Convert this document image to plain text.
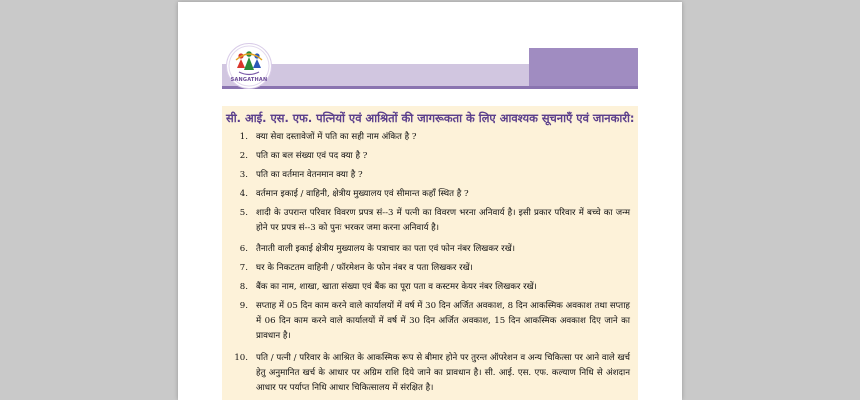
SANGATHAN
सी. आई. एस. एफ. पत्नियों एवं आश्रितों की जागरूकता के लिए आवश्यक सूचनाएँ एवं जानकारी:
1. क्या सेवा दस्तावेजों में पति का सही नाम अंकित है ?
2. पति का बल संख्या एवं पद क्या है ?
3. पति का वर्तमान वेतनमान क्या है ?
4. वर्तमान इकाई / वाहिनी, क्षेत्रीय मुख्यालय एवं सीमान्त कहाँ स्थित है ?
5. शादी के उपरान्त परिवार विवरण प्रपत्र सं--3 में पत्नी का विवरण भरना अनिवार्य है। इसी प्रकार परिवार में बच्चे का जन्म होने पर प्रपत्र सं--3 को पुनः भरकर जमा करना अनिवार्य है।
6. तैनाती वाली इकाई क्षेत्रीय मुख्यालय के पत्राचार का पता एवं फोन नंबर लिखकर रखें।
7. घर के निकटतम वाहिनी / फॉरमेशन के फोन नंबर व पता लिखकर रखें।
8. बैंक का नाम, शाखा, खाता संख्या एवं बैंक का पूरा पता व कस्टमर केयर नंबर लिखकर रखें।
9. सप्ताह में 05 दिन काम करने वाले कार्यालयों में वर्ष में 30 दिन अर्जित अवकाश, 8 दिन आकस्मिक अवकाश तथा सप्ताह में 06 दिन काम करने वाले कार्यालयों में वर्ष में 30 दिन अर्जित अवकाश, 15 दिन आकस्मिक अवकाश दिए जाने का प्रावधान है।
10. पति / पत्नी / परिवार के आश्रित के आकस्मिक रूप से बीमार होने पर तुरन्त ऑपरेशन व अन्य चिकित्सा पर आने वाले खर्च हेतु अनुमानित खर्च के आधार पर अग्रिम राशि दिये जाने का प्रावधान है। सी. आई. एस. एफ. कल्याण निधि से अंशदान आधार पर पर्याप्त निधि आधार चिकित्सालय में संरक्षित है।
